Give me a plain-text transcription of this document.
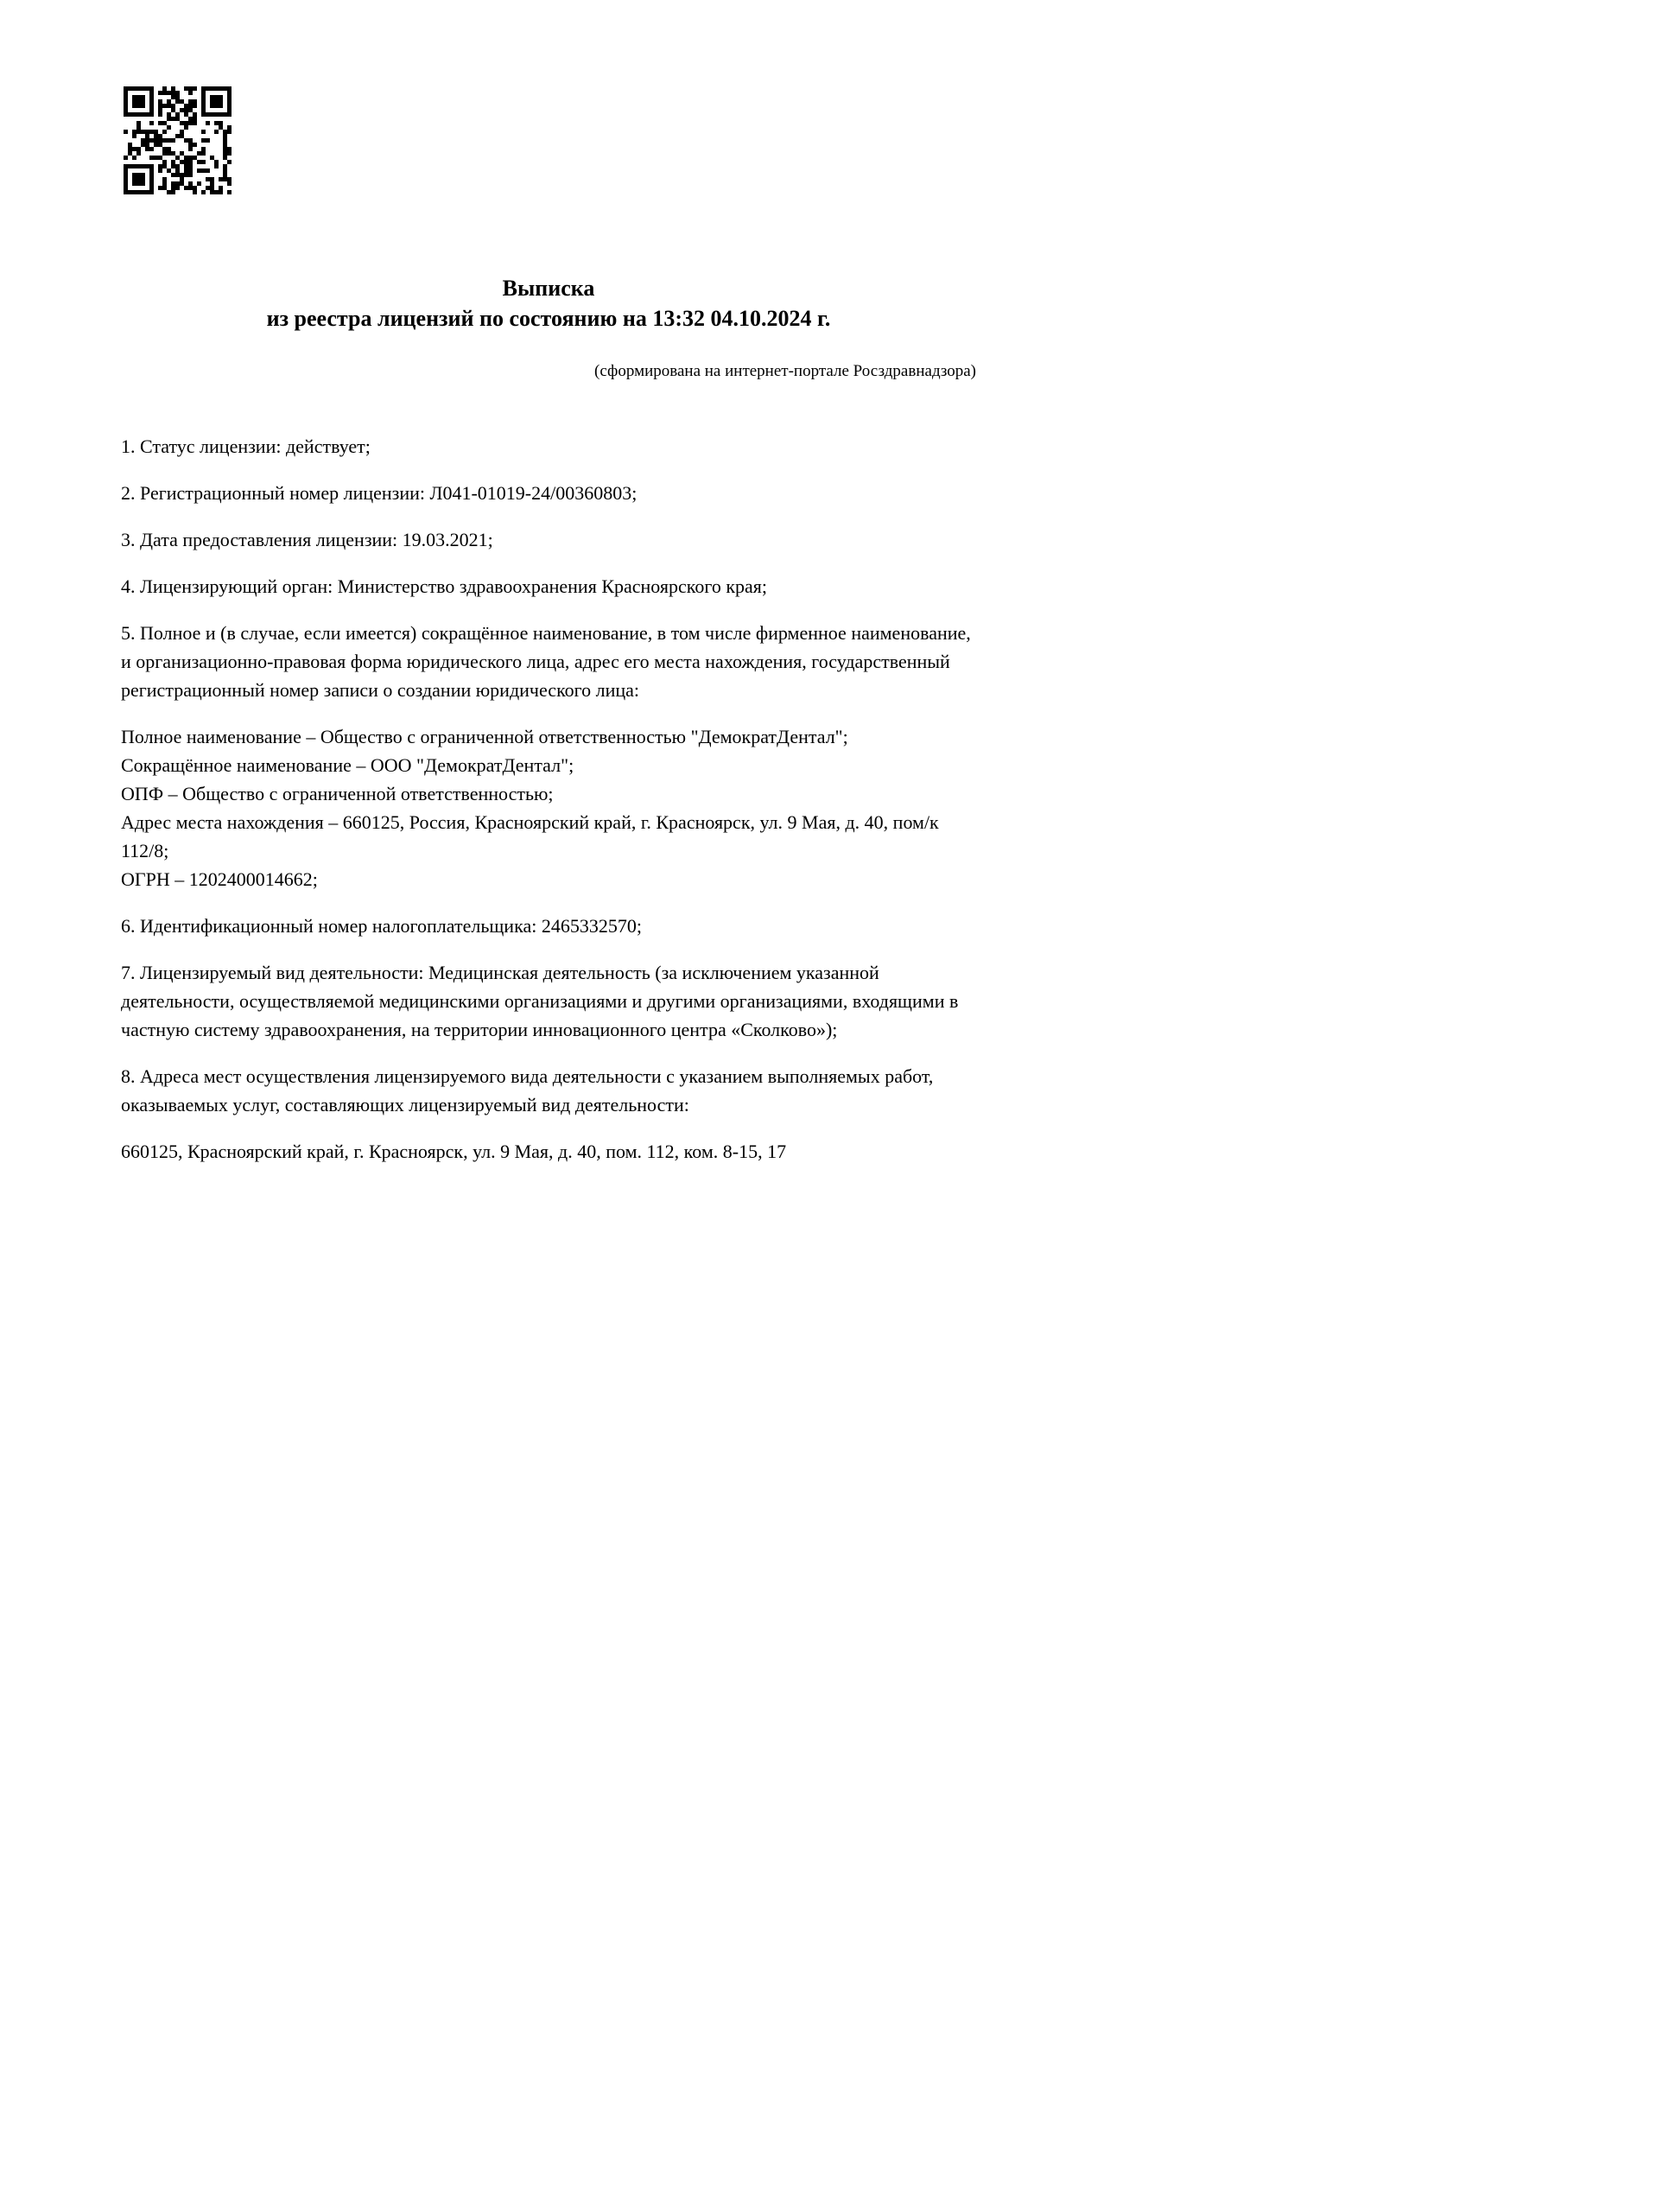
Выписка
из реестра лицензий по состоянию на 13:32 04.10.2024 г.
(сформирована на интернет-портале Росздравнадзора)

1. Статус лицензии: действует;

2. Регистрационный номер лицензии: Л041-01019-24/00360803;

3. Дата предоставления лицензии: 19.03.2021;

4. Лицензирующий орган: Министерство здравоохранения Красноярского края;

5. Полное и (в случае, если имеется) сокращённое наименование, в том числе фирменное наименование, и организационно-правовая форма юридического лица, адрес его места нахождения, государственный регистрационный номер записи о создании юридического лица:

Полное наименование – Общество с ограниченной ответственностью "ДемократДентал";
Сокращённое наименование – ООО "ДемократДентал";
ОПФ – Общество с ограниченной ответственностью;
Адрес места нахождения – 660125, Россия, Красноярский край, г. Красноярск, ул. 9 Мая, д. 40, пом/к 112/8;
ОГРН – 1202400014662;

6. Идентификационный номер налогоплательщика: 2465332570;

7. Лицензируемый вид деятельности: Медицинская деятельность (за исключением указанной деятельности, осуществляемой медицинскими организациями и другими организациями, входящими в частную систему здравоохранения, на территории инновационного центра «Сколково»);

8. Адреса мест осуществления лицензируемого вида деятельности с указанием выполняемых работ, оказываемых услуг, составляющих лицензируемый вид деятельности:

660125, Красноярский край, г. Красноярск, ул. 9 Мая, д. 40, пом. 112, ком. 8-15, 17
